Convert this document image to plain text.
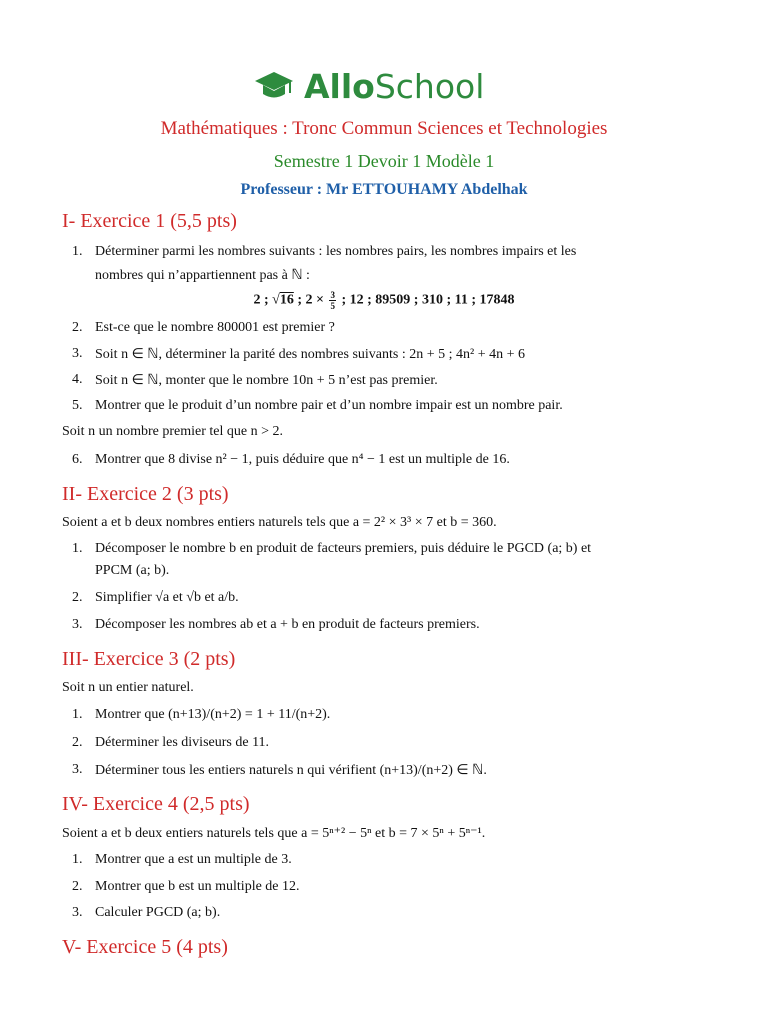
AlloSchool
Mathématiques : Tronc Commun Sciences et Technologies
Semestre 1 Devoir 1 Modèle 1
Professeur : Mr ETTOUHAMY Abdelhak
I- Exercice 1 (5,5 pts)
1. Déterminer parmi les nombres suivants : les nombres pairs, les nombres impairs et les
nombres qui n’appartiennent pas à ℕ :
2 ; √16 ; $2 \times \frac{3}{5}$ ; 12 ; 89509 ; 310 ; 11 ; 17848
2. Est-ce que le nombre 800001 est premier ?
3. Soit n ∈ ℕ, déterminer la parité des nombres suivants : 2n + 5 ; 4n² + 4n + 6
4. Soit n ∈ ℕ, monter que le nombre 10n + 5 n’est pas premier.
5. Montrer que le produit d’un nombre pair et d’un nombre impair est un nombre pair.
Soit n un nombre premier tel que n > 2.
6. Montrer que 8 divise n² − 1, puis déduire que n⁴ − 1 est un multiple de 16.
II- Exercice 2 (3 pts)
Soient a et b deux nombres entiers naturels tels que a = 2² × 3³ × 7 et b = 360.
1. Décomposer le nombre b en produit de facteurs premiers, puis déduire le PGCD (a; b) et
PPCM (a; b).
2. Simplifier √a et √b et a/b.
3. Décomposer les nombres ab et a + b en produit de facteurs premiers.
III- Exercice 3 (2 pts)
Soit n un entier naturel.
1. Montrer que (n+13)/(n+2) = 1 + 11/(n+2).
2. Déterminer les diviseurs de 11.
3. Déterminer tous les entiers naturels n qui vérifient (n+13)/(n+2) ∈ ℕ.
IV- Exercice 4 (2,5 pts)
Soient a et b deux entiers naturels tels que a = 5ⁿ⁺² − 5ⁿ et b = 7 × 5ⁿ + 5ⁿ⁻¹.
1. Montrer que a est un multiple de 3.
2. Montrer que b est un multiple de 12.
3. Calculer PGCD (a; b).
V- Exercice 5 (4 pts)
